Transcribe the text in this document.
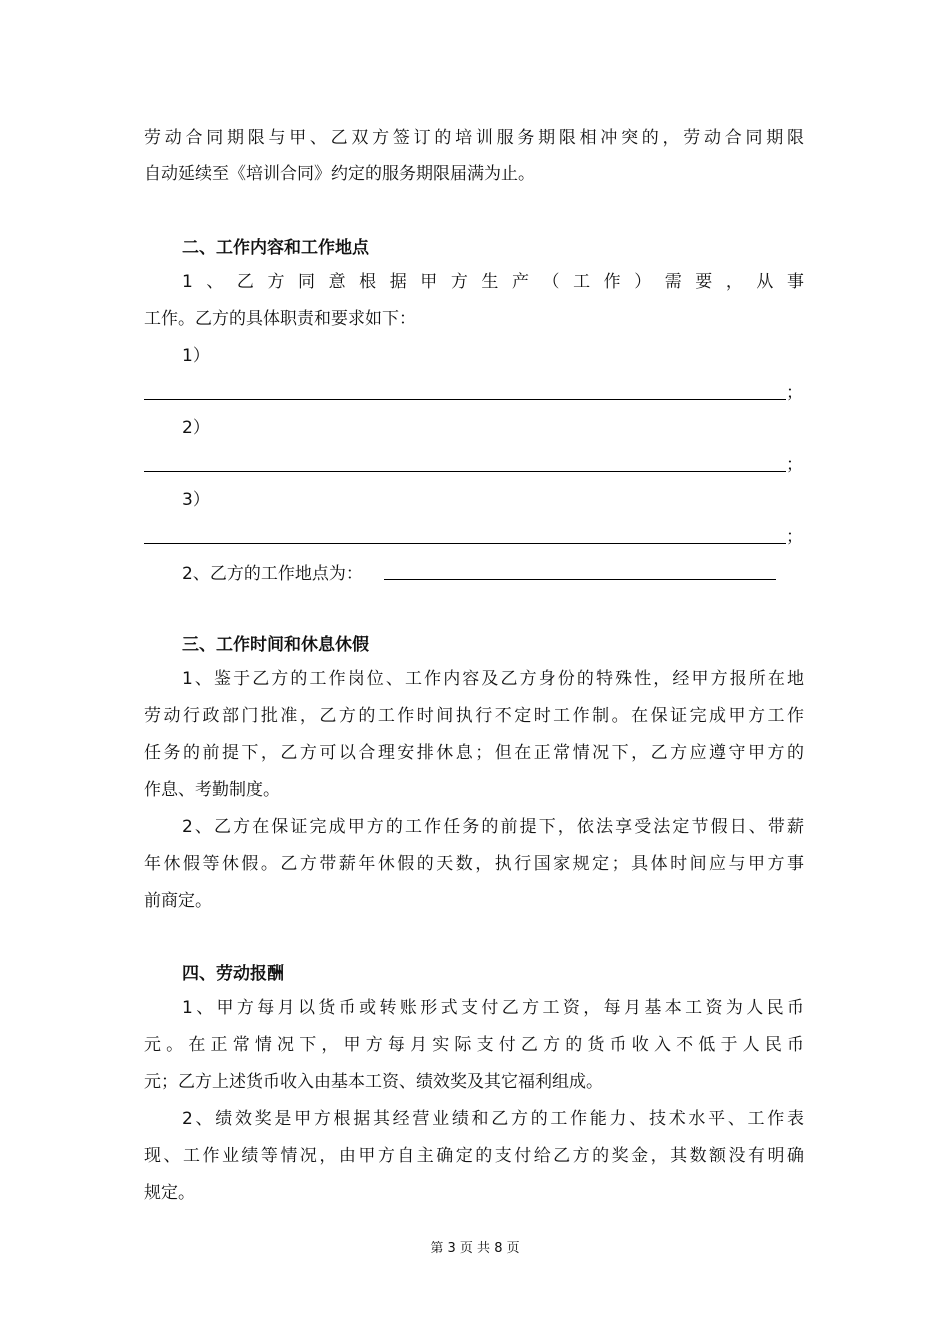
劳动合同期限与甲、乙双方签订的培训服务期限相冲突的，劳动合同期限
自动延续至《培训合同》约定的服务期限届满为止。
二、工作内容和工作地点
1、乙方同意根据甲方生产（工作）需要，从事
工作。乙方的具体职责和要求如下：
1）
；
2）
；
3）
；
2、乙方的工作地点为：
三、工作时间和休息休假
1、鉴于乙方的工作岗位、工作内容及乙方身份的特殊性，经甲方报所在地
劳动行政部门批准，乙方的工作时间执行不定时工作制。在保证完成甲方工作
任务的前提下，乙方可以合理安排休息；但在正常情况下，乙方应遵守甲方的
作息、考勤制度。
2、乙方在保证完成甲方的工作任务的前提下，依法享受法定节假日、带薪
年休假等休假。乙方带薪年休假的天数，执行国家规定；具体时间应与甲方事
前商定。
四、劳动报酬
1、甲方每月以货币或转账形式支付乙方工资，每月基本工资为人民币
元。在正常情况下，甲方每月实际支付乙方的货币收入不低于人民币
元；乙方上述货币收入由基本工资、绩效奖及其它福利组成。
2、绩效奖是甲方根据其经营业绩和乙方的工作能力、技术水平、工作表
现、工作业绩等情况，由甲方自主确定的支付给乙方的奖金，其数额没有明确
规定。
第 3 页 共 8 页
